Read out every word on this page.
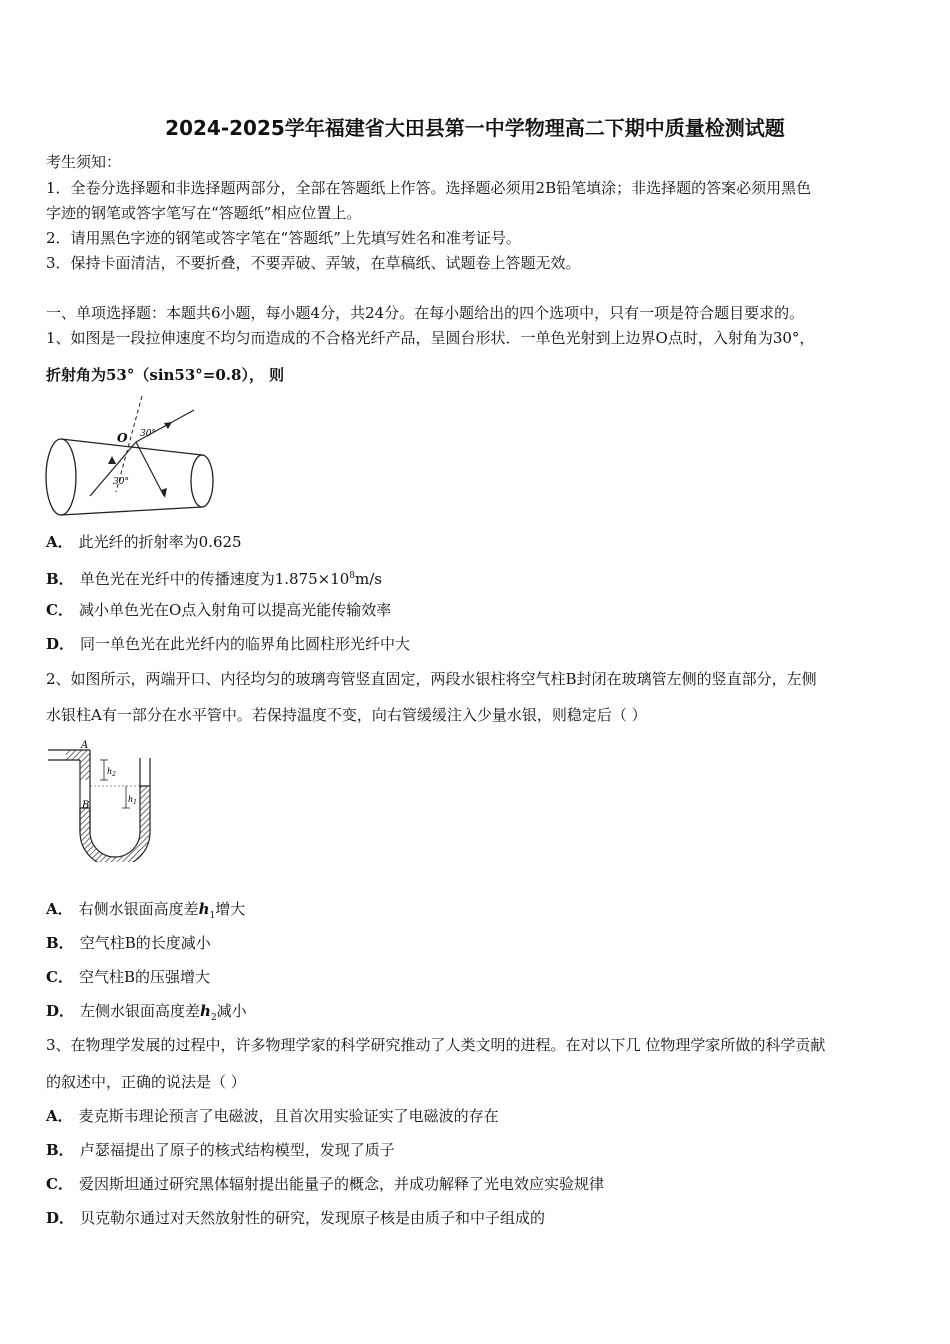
2024-2025学年福建省大田县第一中学物理高二下期中质量检测试题
考生须知：
1．全卷分选择题和非选择题两部分，全部在答题纸上作答。选择题必须用2B铅笔填涂；非选择题的答案必须用黑色
字迹的钢笔或答字笔写在“答题纸”相应位置上。
2．请用黑色字迹的钢笔或答字笔在“答题纸”上先填写姓名和准考证号。
3．保持卡面清洁，不要折叠，不要弄破、弄皱，在草稿纸、试题卷上答题无效。
一、单项选择题：本题共6小题，每小题4分，共24分。在每小题给出的四个选项中，只有一项是符合题目要求的。
1、如图是一段拉伸速度不均匀而造成的不合格光纤产品，呈圆台形状．一单色光射到上边界O点时，入射角为30°，
折射角为53°（sin53°=0.8）， 则
O 30°
30°
A． 此光纤的折射率为0.625
B． 单色光在光纤中的传播速度为$1.875\times 10^8m/s$
C． 减小单色光在O点入射角可以提高光能传输效率
D． 同一单色光在此光纤内的临界角比圆柱形光纤中大
2、如图所示，两端开口、内径均匀的玻璃弯管竖直固定，两段水银柱将空气柱B封闭在玻璃管左侧的竖直部分，左侧
水银柱A有一部分在水平管中。若保持温度不变，向右管缓缓注入少量水银，则稳定后（ ）
A
B
$h_2$
$h_1$
A． 右侧水银面高度差$h_1$增大
B． 空气柱B的长度减小
C． 空气柱B的压强增大
D． 左侧水银面高度差$h_2$减小
3、在物理学发展的过程中，许多物理学家的科学研究推动了人类文明的进程。在对以下几 位物理学家所做的科学贡献
的叙述中，正确的说法是（ ）
A． 麦克斯韦理论预言了电磁波，且首次用实验证实了电磁波的存在
B． 卢瑟福提出了原子的核式结构模型，发现了质子
C． 爱因斯坦通过研究黑体辐射提出能量子的概念，并成功解释了光电效应实验规律
D． 贝克勒尔通过对天然放射性的研究，发现原子核是由质子和中子组成的
